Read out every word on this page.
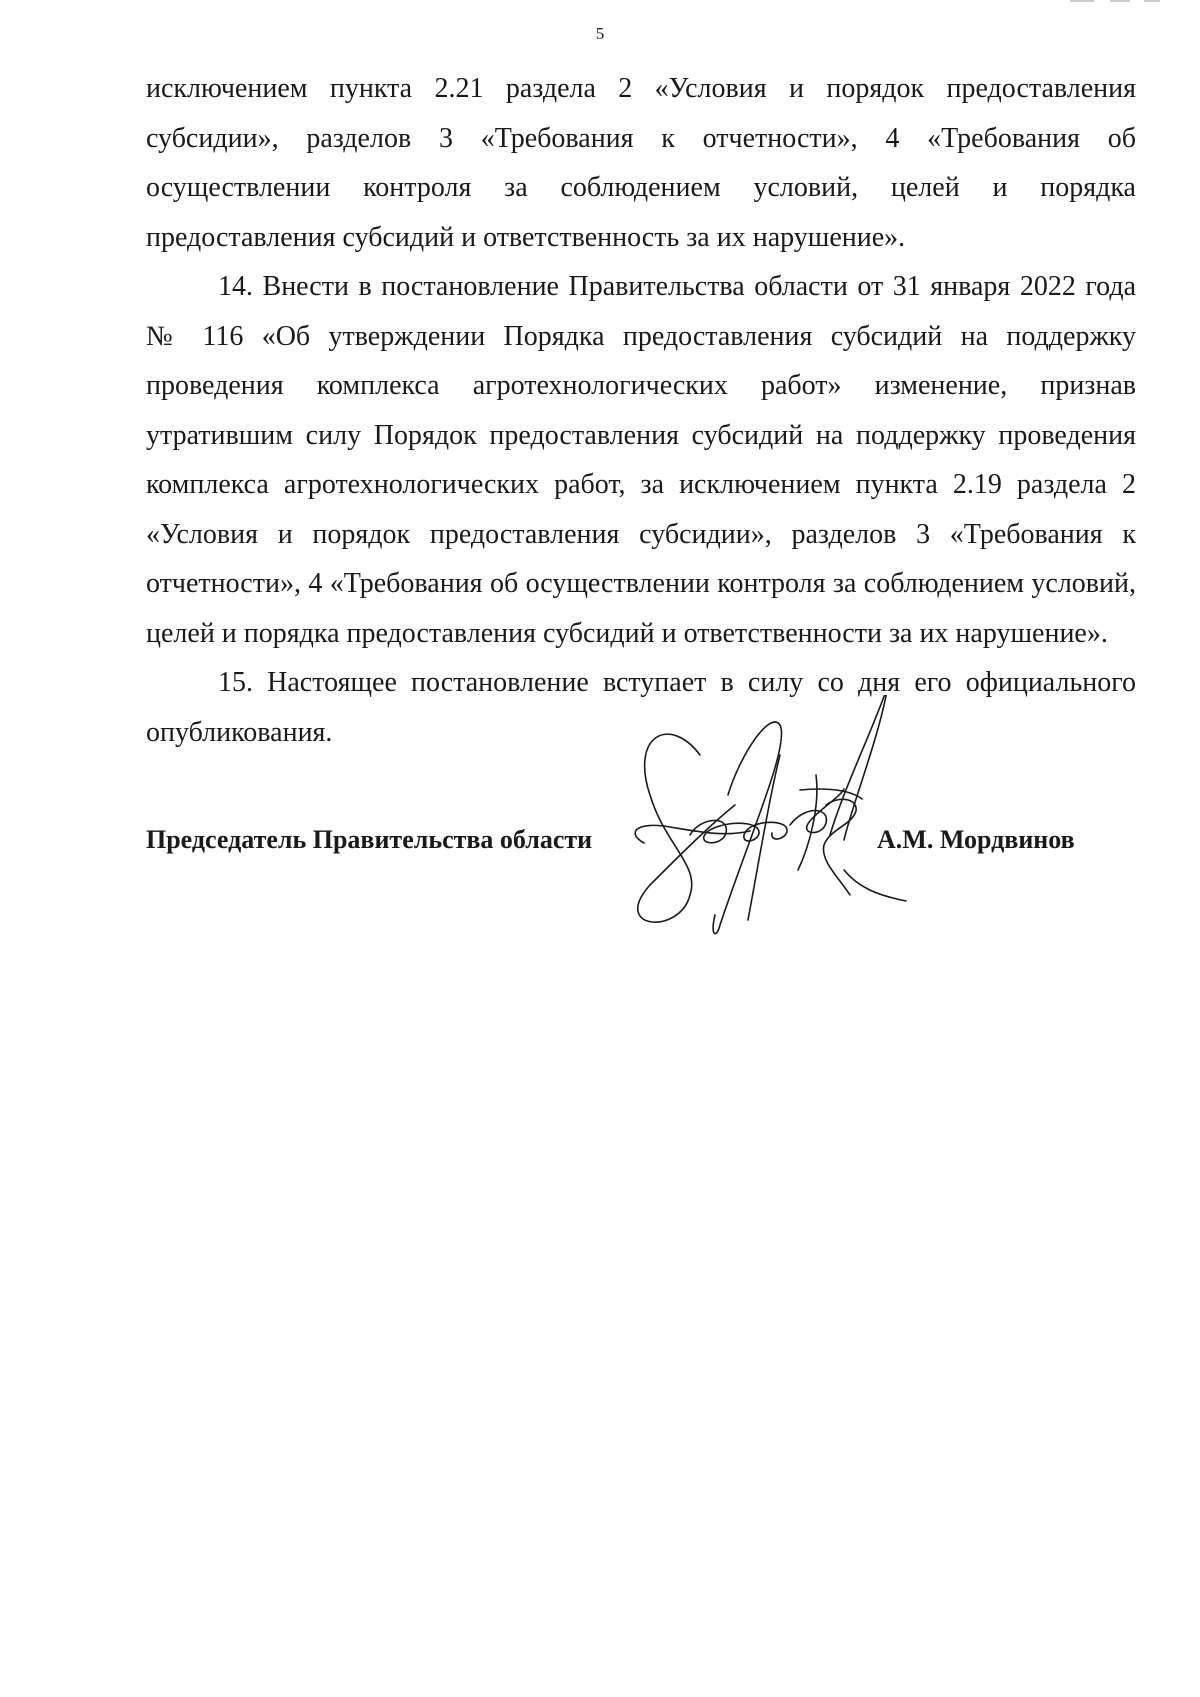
5

исключением пункта 2.21 раздела 2 «Условия и порядок предоставления субсидии», разделов 3 «Требования к отчетности», 4 «Требования об осуществлении контроля за соблюдением условий, целей и порядка предоставления субсидий и ответственность за их нарушение».

14. Внести в постановление Правительства области от 31 января 2022 года № 116 «Об утверждении Порядка предоставления субсидий на поддержку проведения комплекса агротехнологических работ» изменение, признав утратившим силу Порядок предоставления субсидий на поддержку проведения комплекса агротехнологических работ, за исключением пункта 2.19 раздела 2 «Условия и порядок предоставления субсидии», разделов 3 «Требования к отчетности», 4 «Требования об осуществлении контроля за соблюдением условий, целей и порядка предоставления субсидий и ответственности за их нарушение».

15. Настоящее постановление вступает в силу со дня его официального опубликования.

Председатель Правительства области	А.М. Мордвинов
